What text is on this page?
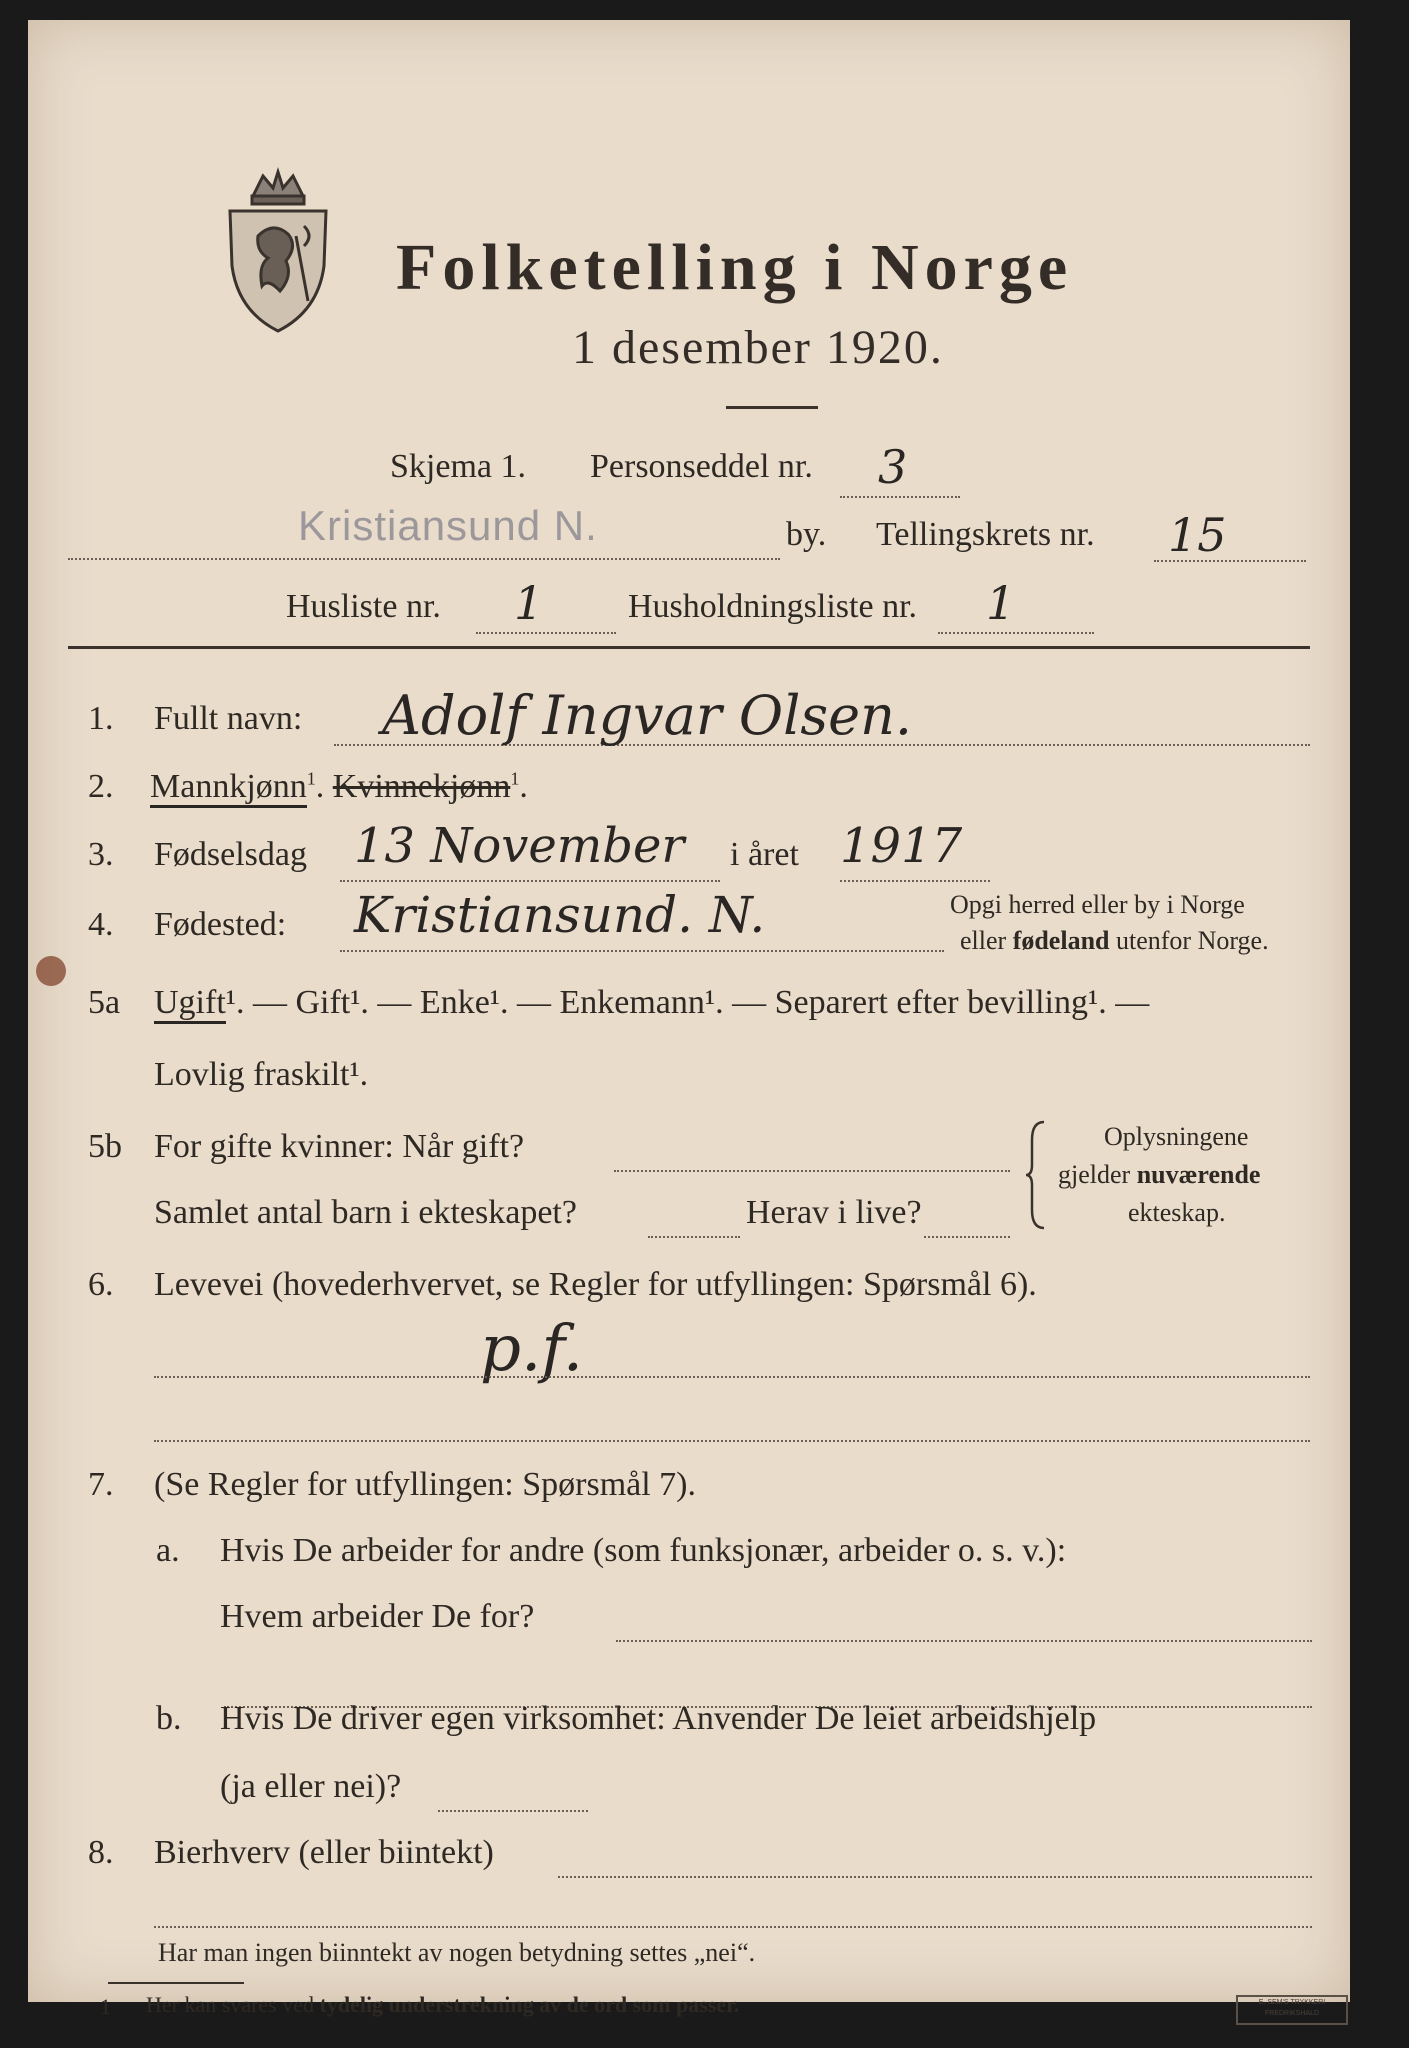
Folketelling i Norge
1 desember 1920.
Skjema 1. Personseddel nr. 3
Kristiansund N.	by. Tellingskrets nr. 15
Husliste nr. 1 Husholdningsliste nr. 1
1. Fullt navn: Adolf Ingvar Olsen.
2. Mannkjønn$^1$. Kvinnekjønn$^1$.
3. Fødselsdag 13 November i året 1917
4. Fødested: Kristiansund. N.	Opgi herred eller by i Norge
eller fødeland utenfor Norge.
5a Ugift¹. — Gift¹. — Enke¹. — Enkemann¹. — Separert efter bevilling¹. —
Lovlig fraskilt¹.
5b For gifte kvinner: Når gift?
Samlet antal barn i ekteskapet?	Herav i live?
Oplysningene
gjelder nuværende
ekteskap.
6. Levevei (hovederhvervet, se Regler for utfyllingen: Spørsmål 6).
p.f.
7. (Se Regler for utfyllingen: Spørsmål 7).
a. Hvis De arbeider for andre (som funksjonær, arbeider o. s. v.):
Hvem arbeider De for?
b. Hvis De driver egen virksomhet: Anvender De leiet arbeidshjelp
(ja eller nei)?
8. Bierhverv (eller biintekt)
Har man ingen biinntekt av nogen betydning settes „nei“.
1 Her kan svares ved tydelig understrekning av de ord som passer.	E. SEM'S TRYKKERI
FREDRIKSHALD
